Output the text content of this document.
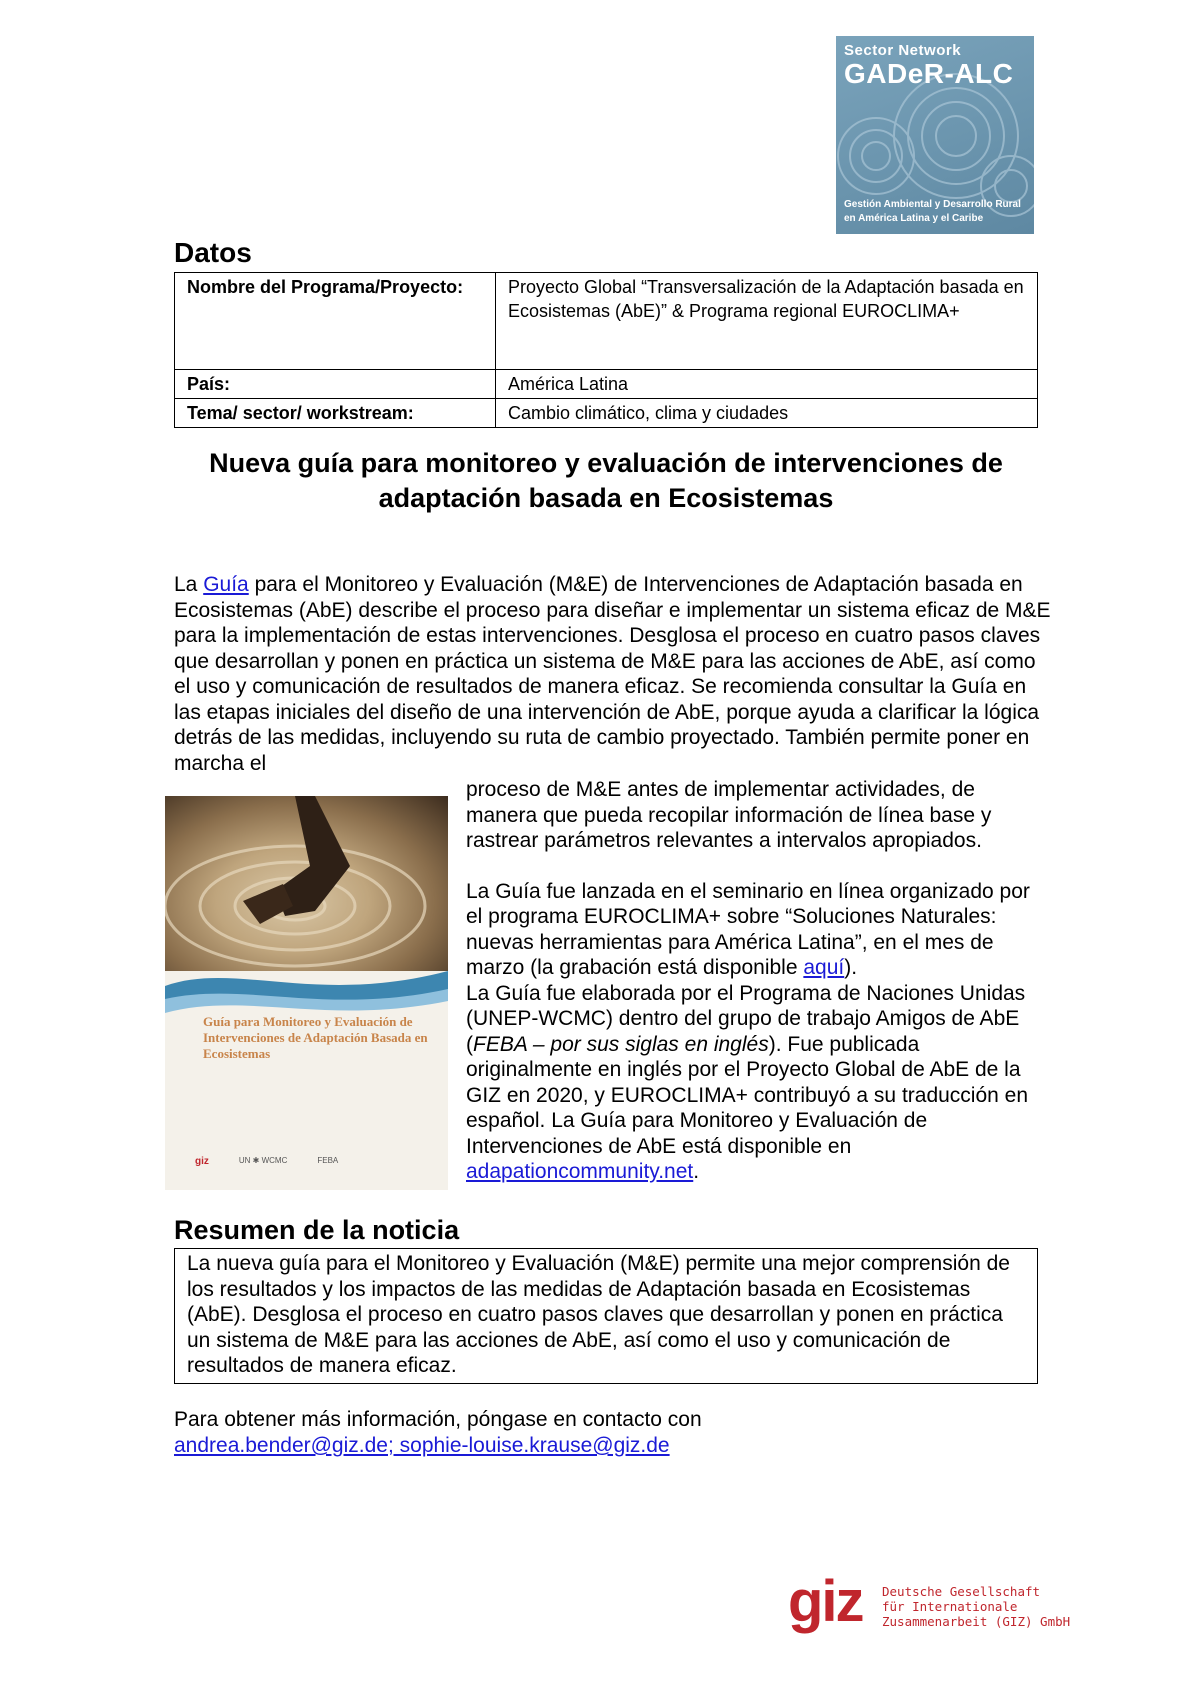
Sector Network
GADeR-ALC
Gestión Ambiental y Desarrollo Rural en América Latina y el Caribe
Datos
Nombre del Programa/Proyecto:	Proyecto Global “Transversalización de la Adaptación basada en Ecosistemas (AbE)” & Programa regional EUROCLIMA+
País:	América Latina
Tema/ sector/ workstream:	Cambio climático, clima y ciudades
Nueva guía para monitoreo y evaluación de intervenciones de adaptación basada en Ecosistemas
La Guía para el Monitoreo y Evaluación (M&E) de Intervenciones de Adaptación basada en Ecosistemas (AbE) describe el proceso para diseñar e implementar un sistema eficaz de M&E para la implementación de estas intervenciones. Desglosa el proceso en cuatro pasos claves que desarrollan y ponen en práctica un sistema de M&E para las acciones de AbE, así como el uso y comunicación de resultados de manera eficaz. Se recomienda consultar la Guía en las etapas iniciales del diseño de una intervención de AbE, porque ayuda a clarificar la lógica detrás de las medidas, incluyendo su ruta de cambio proyectado. También permite poner en marcha el
Guía para Monitoreo y Evaluación de Intervenciones de Adaptación Basada en Ecosistemas
giz	UN ✱ WCMC	FEBA

proceso de M&E antes de implementar actividades, de manera que pueda recopilar información de línea base y rastrear parámetros relevantes a intervalos apropiados.

La Guía fue lanzada en el seminario en línea organizado por el programa EUROCLIMA+ sobre “Soluciones Naturales: nuevas herramientas para América Latina”, en el mes de marzo (la grabación está disponible aquí).

La Guía fue elaborada por el Programa de Naciones Unidas (UNEP-WCMC) dentro del grupo de trabajo Amigos de AbE (FEBA – por sus siglas en inglés). Fue publicada originalmente en inglés por el Proyecto Global de AbE de la GIZ en 2020, y EUROCLIMA+ contribuyó a su traducción en español. La Guía para Monitoreo y Evaluación de Intervenciones de AbE está disponible en adapationcommunity.net.

Resumen de la noticia
La nueva guía para el Monitoreo y Evaluación (M&E) permite una mejor comprensión de los resultados y los impactos de las medidas de Adaptación basada en Ecosistemas (AbE). Desglosa el proceso en cuatro pasos claves que desarrollan y ponen en práctica un sistema de M&E para las acciones de AbE, así como el uso y comunicación de resultados de manera eficaz.
Para obtener más información, póngase en contacto con
andrea.bender@giz.de; sophie-louise.krause@giz.de
giz Deutsche Gesellschaft
für Internationale
Zusammenarbeit (GIZ) GmbH
